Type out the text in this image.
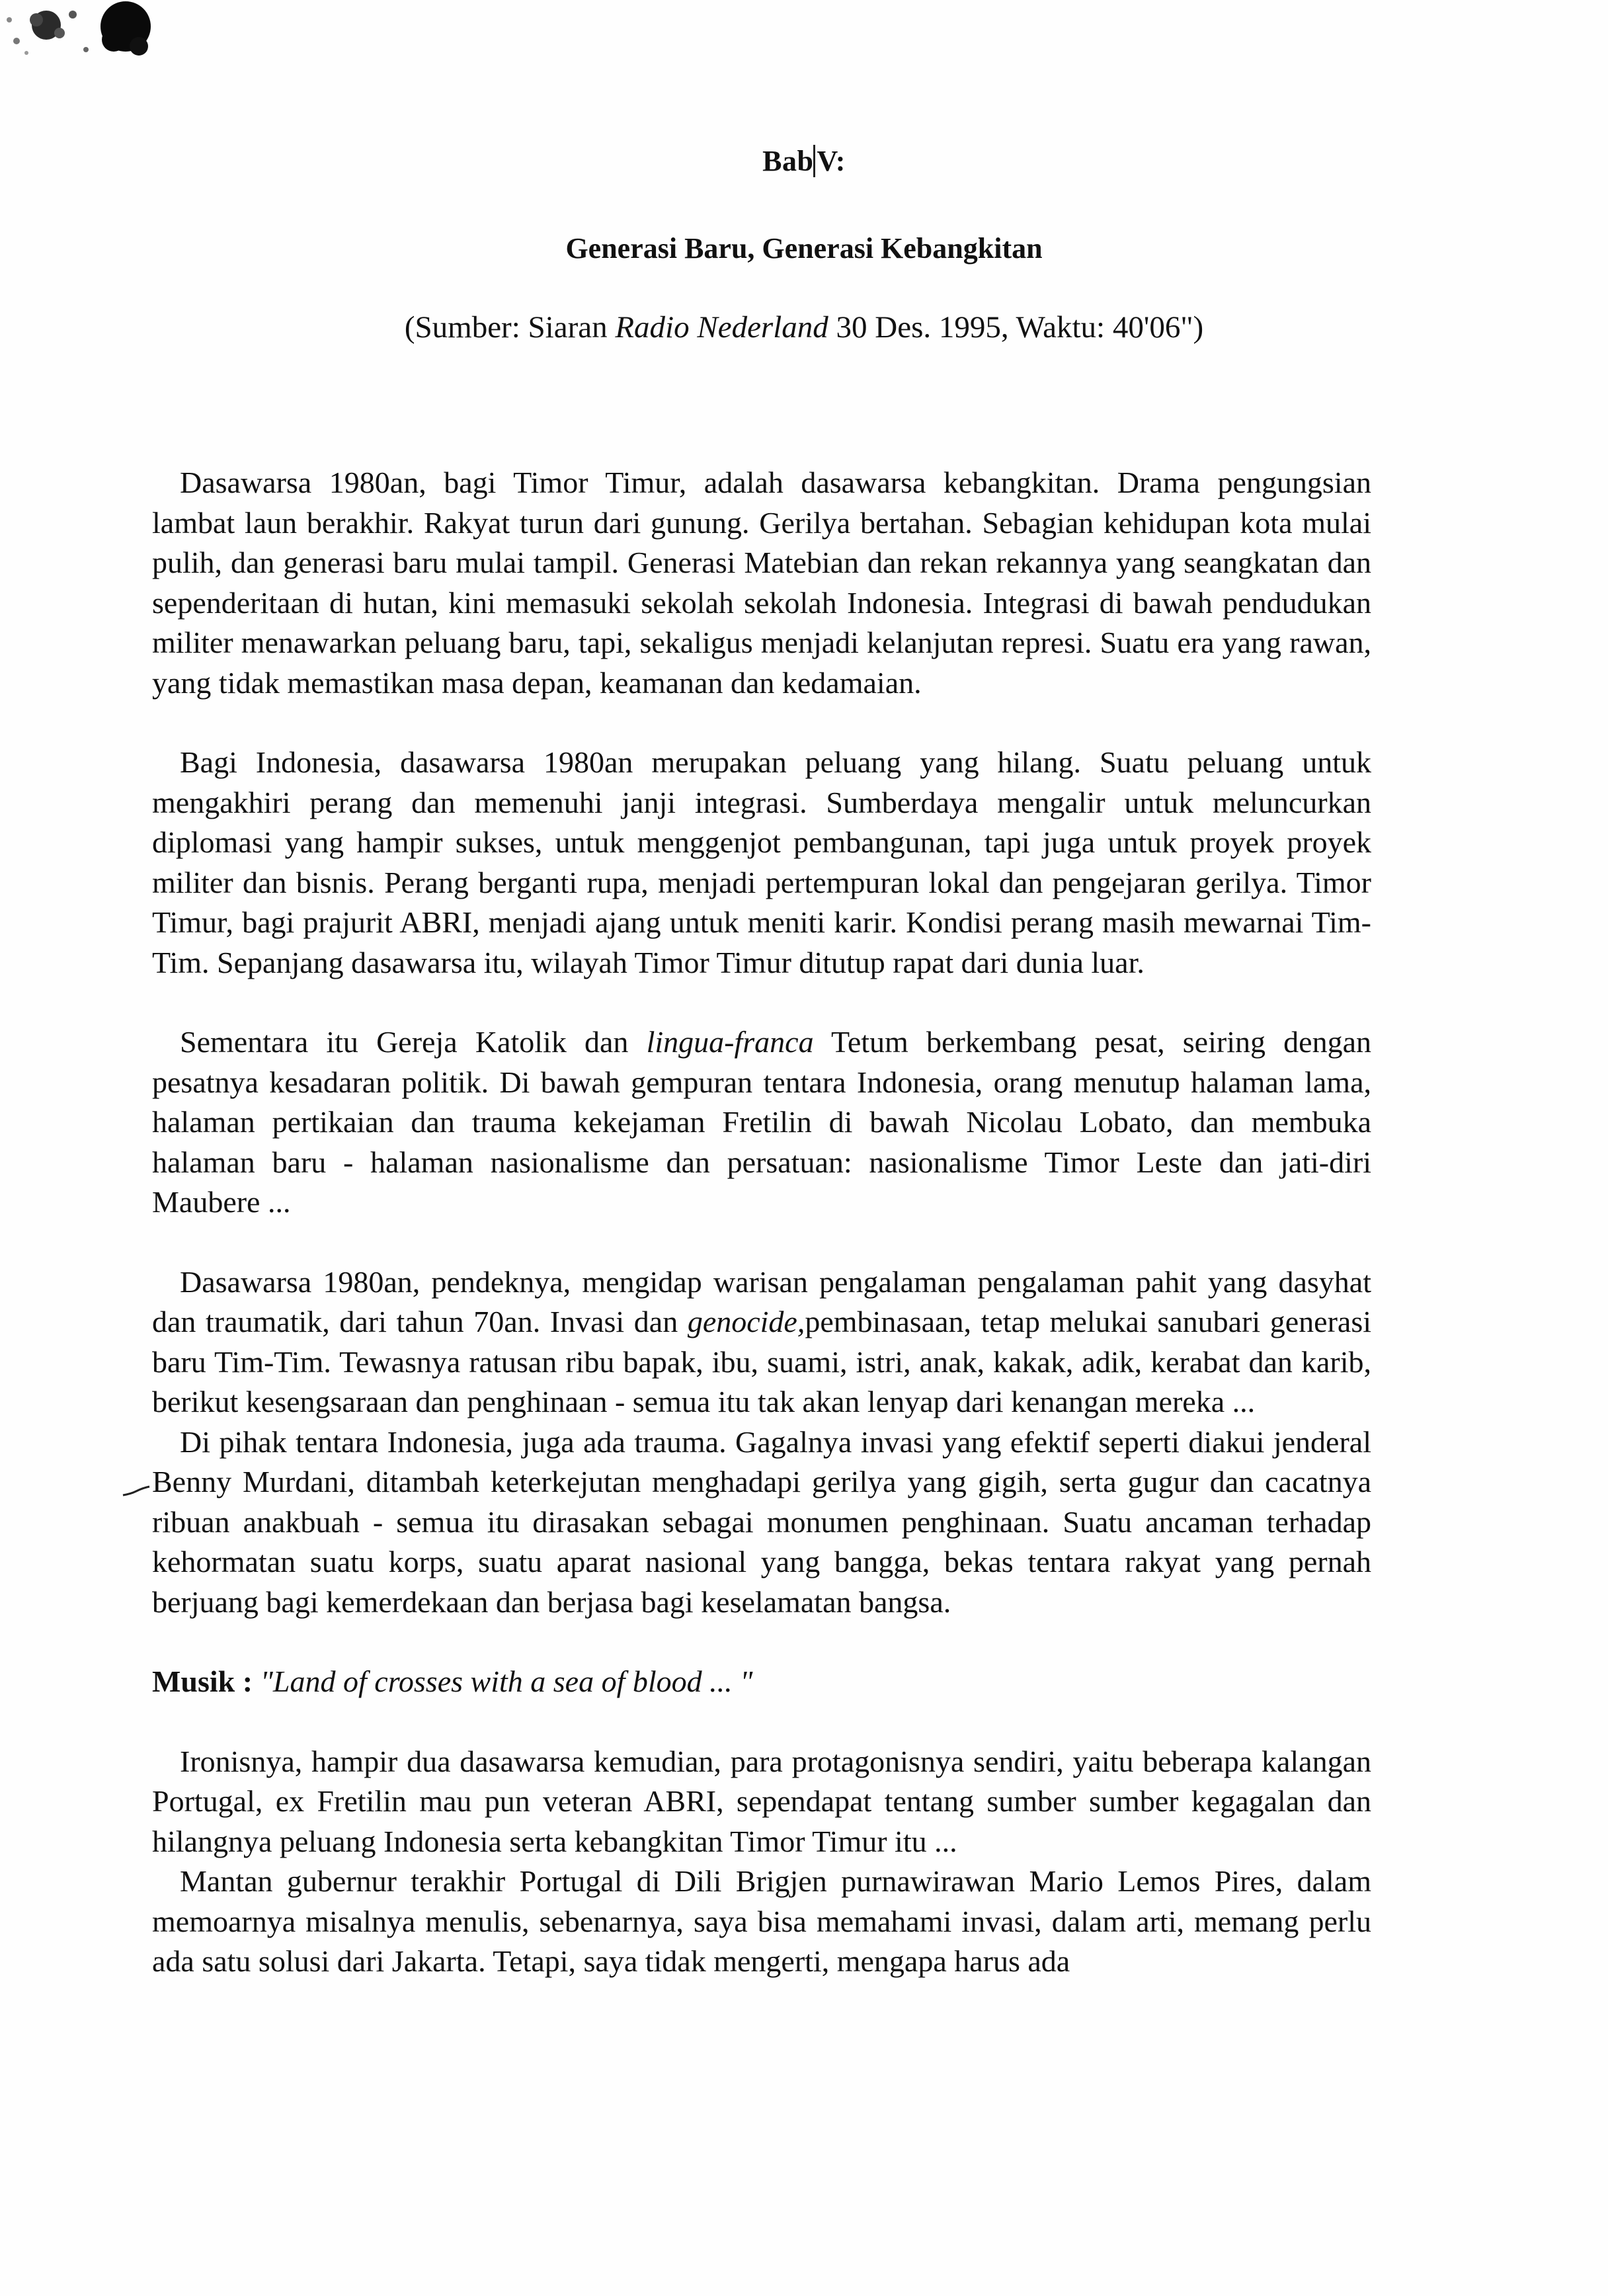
Bab V:
Generasi Baru, Generasi Kebangkitan
(Sumber: Siaran Radio Nederland 30 Des. 1995, Waktu: 40'06")

Dasawarsa 1980an, bagi Timor Timur, adalah dasawarsa kebangkitan. Drama pengungsian lambat laun berakhir. Rakyat turun dari gunung. Gerilya bertahan. Sebagian kehidupan kota mulai pulih, dan generasi baru mulai tampil. Generasi Matebian dan rekan rekannya yang seangkatan dan sependeritaan di hutan, kini memasuki sekolah sekolah Indonesia. Integrasi di bawah pendudukan militer menawarkan peluang baru, tapi, sekaligus menjadi kelanjutan represi. Suatu era yang rawan, yang tidak memastikan masa depan, keamanan dan kedamaian.

Bagi Indonesia, dasawarsa 1980an merupakan peluang yang hilang. Suatu peluang untuk mengakhiri perang dan memenuhi janji integrasi. Sumberdaya mengalir untuk meluncurkan diplomasi yang hampir sukses, untuk menggenjot pembangunan, tapi juga untuk proyek proyek militer dan bisnis. Perang berganti rupa, menjadi pertempuran lokal dan pengejaran gerilya. Timor Timur, bagi prajurit ABRI, menjadi ajang untuk meniti karir. Kondisi perang masih mewarnai Tim-Tim. Sepanjang dasawarsa itu, wilayah Timor Timur ditutup rapat dari dunia luar.

Sementara itu Gereja Katolik dan lingua-franca Tetum berkembang pesat, seiring dengan pesatnya kesadaran politik. Di bawah gempuran tentara Indonesia, orang menutup halaman lama, halaman pertikaian dan trauma kekejaman Fretilin di bawah Nicolau Lobato, dan membuka halaman baru - halaman nasionalisme dan persatuan: nasionalisme Timor Leste dan jati-diri Maubere ...

Dasawarsa 1980an, pendeknya, mengidap warisan pengalaman pengalaman pahit yang dasyhat dan traumatik, dari tahun 70an. Invasi dan genocide,pembinasaan, tetap melukai sanubari generasi baru Tim-Tim. Tewasnya ratusan ribu bapak, ibu, suami, istri, anak, kakak, adik, kerabat dan karib, berikut kesengsaraan dan penghinaan - semua itu tak akan lenyap dari kenangan mereka ...

Di pihak tentara Indonesia, juga ada trauma. Gagalnya invasi yang efektif seperti diakui jenderal Benny Murdani, ditambah keterkejutan menghadapi gerilya yang gigih, serta gugur dan cacatnya ribuan anakbuah - semua itu dirasakan sebagai monumen penghinaan. Suatu ancaman terhadap kehormatan suatu korps, suatu aparat nasional yang bangga, bekas tentara rakyat yang pernah berjuang bagi kemerdekaan dan berjasa bagi keselamatan bangsa.

Musik : "Land of crosses with a sea of blood ... "

Ironisnya, hampir dua dasawarsa kemudian, para protagonisnya sendiri, yaitu beberapa kalangan Portugal, ex Fretilin mau pun veteran ABRI, sependapat tentang sumber sumber kegagalan dan hilangnya peluang Indonesia serta kebangkitan Timor Timur itu ...

Mantan gubernur terakhir Portugal di Dili Brigjen purnawirawan Mario Lemos Pires, dalam memoarnya misalnya menulis, sebenarnya, saya bisa memahami invasi, dalam arti, memang perlu ada satu solusi dari Jakarta. Tetapi, saya tidak mengerti, mengapa harus ada
